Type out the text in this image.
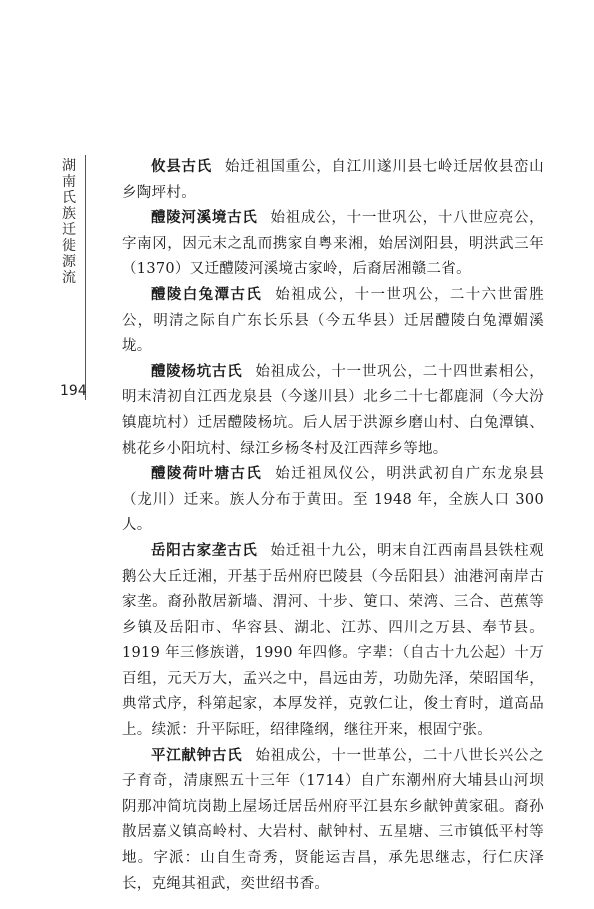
湖南氏族迁徙源流
194

攸县古氏 始迁祖国重公，自江川遂川县七岭迁居攸县峦山乡陶坪村。

醴陵河溪境古氏 始祖成公，十一世巩公，十八世应亮公，字南冈，因元末之乱而携家自粤来湘，始居浏阳县，明洪武三年（1370）又迁醴陵河溪境古家岭，后裔居湘赣二省。

醴陵白兔潭古氏 始祖成公，十一世巩公，二十六世雷胜公，明清之际自广东长乐县（今五华县）迁居醴陵白兔潭媚溪垅。

醴陵杨坑古氏 始祖成公，十一世巩公，二十四世素相公，明末清初自江西龙泉县（今遂川县）北乡二十七都鹿洞（今大汾镇鹿坑村）迁居醴陵杨坑。后人居于洪源乡磨山村、白兔潭镇、桃花乡小阳坑村、绿江乡杨冬村及江西萍乡等地。

醴陵荷叶塘古氏 始迁祖凤仪公，明洪武初自广东龙泉县（龙川）迁来。族人分布于黄田。至 1948 年，全族人口 300 人。

岳阳古家垄古氏 始迁祖十九公，明末自江西南昌县铁柱观鹅公大丘迁湘，开基于岳州府巴陵县（今岳阳县）油港河南岸古家垄。裔孙散居新墙、渭河、十步、筻口、荣湾、三合、芭蕉等乡镇及岳阳市、华容县、湖北、江苏、四川之万县、奉节县。1919 年三修族谱，1990 年四修。字辈：（自古十九公起）十万百组，元天万大，孟兴之中，昌远由芳，功勋先泽，荣昭国华，典常式序，科第起家，本厚发祥，克敦仁让，俊士育时，道高品上。续派：升平际旺，绍律隆纲，继往开来，根固宁张。

平江献钟古氏 始祖成公，十一世革公，二十八世长兴公之子育奇，清康熙五十三年（1714）自广东潮州府大埔县山河坝阴那冲简坑岗勘上屋场迁居岳州府平江县东乡献钟黄家砠。裔孙散居嘉义镇高岭村、大岩村、献钟村、五星塘、三市镇低平村等地。字派：山自生奇秀，贤能运吉昌，承先思继志，行仁庆泽长，克绳其祖武，奕世绍书香。
